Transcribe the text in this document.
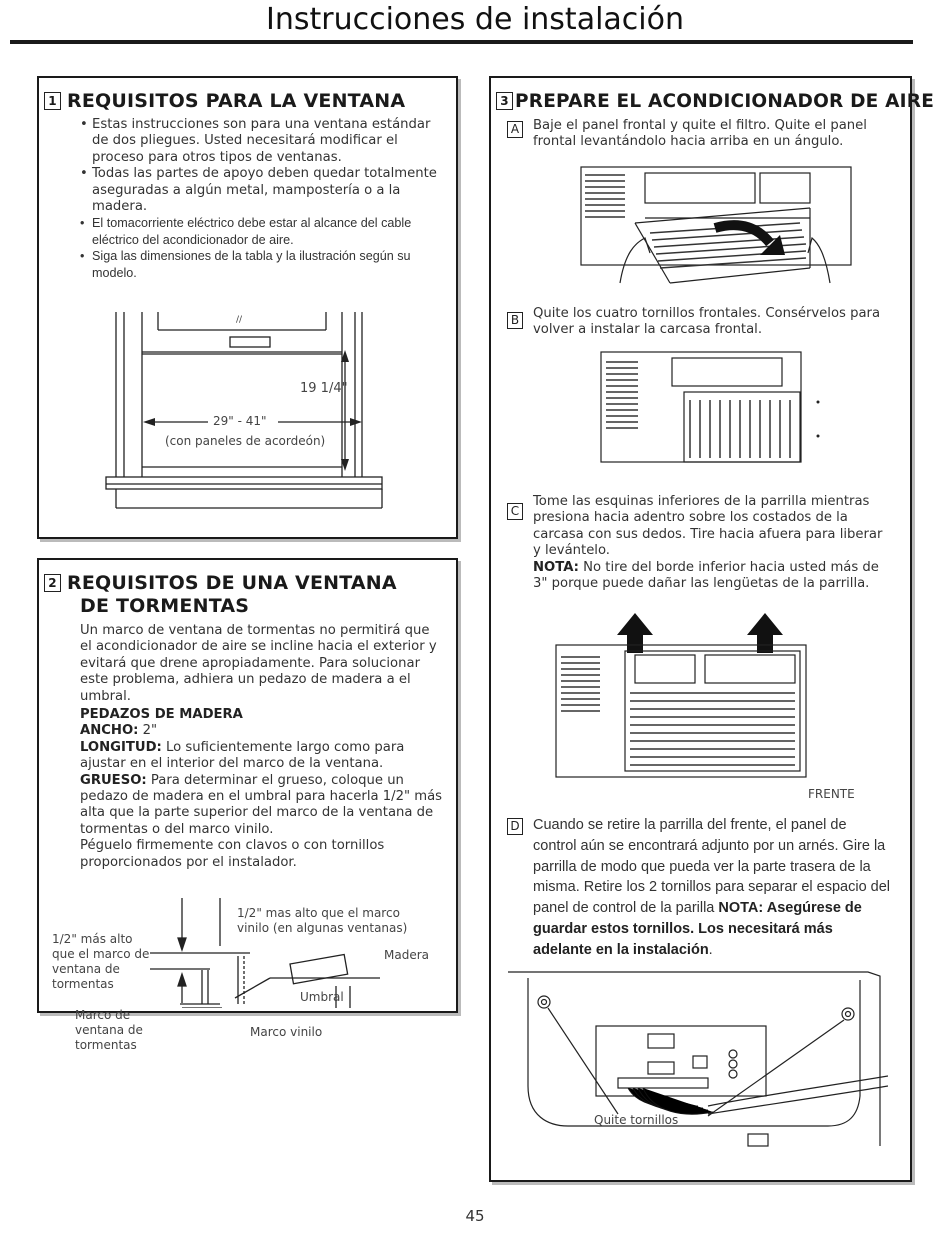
Instrucciones de instalación
1 REQUISITOS PARA LA VENTANA
• Estas instrucciones son para una ventana estándar de dos pliegues. Usted necesitará modificar el proceso para otros tipos de ventanas.
• Todas las partes de apoyo deben quedar totalmente aseguradas a algún metal, mampostería o a la madera.
• El tomacorriente eléctrico debe estar al alcance del cable eléctrico del acondicionador de aire.
• Siga las dimensiones de la tabla y la ilustración según su modelo.
//
19 1/4"
29" - 41"
(con paneles de acordeón)
2 REQUISITOS DE UNA VENTANA
DE TORMENTAS
Un marco de ventana de tormentas no permitirá que el acondicionador de aire se incline hacia el exterior y evitará que drene apropiadamente. Para solucionar este problema, adhiera un pedazo de madera a el umbral.
PEDAZOS DE MADERA
ANCHO: 2"
LONGITUD: Lo suficientemente largo como para ajustar en el interior del marco de la ventana.
GRUESO: Para determinar el grueso, coloque un pedazo de madera en el umbral para hacerla 1/2" más alta que la parte superior del marco de la ventana de tormentas o del marco vinilo.
Péguelo firmemente con clavos o con tornillos proporcionados por el instalador.
1/2" mas alto que el marco vinilo (en algunas ventanas)
1/2" más alto que el marco de ventana de tormentas
Madera
Umbral
Marco de ventana de tormentas
Marco vinilo
3 PREPARE EL ACONDICIONADOR DE AIRE
A Baje el panel frontal y quite el filtro. Quite el panel frontal levantándolo hacia arriba en un ángulo.
B Quite los cuatro tornillos frontales. Consérvelos para volver a instalar la carcasa frontal.
C
Tome las esquinas inferiores de la parrilla mientras presiona hacia adentro sobre los costados de la carcasa con sus dedos. Tire hacia afuera para liberar y levántelo.
NOTA: No tire del borde inferior hacia usted más de 3" porque puede dañar las lengüetas de la parrilla.
FRENTE
D Cuando se retire la parrilla del frente, el panel de control aún se encontrará adjunto por un arnés. Gire la parrilla de modo que pueda ver la parte trasera de la misma. Retire los 2 tornillos para separar el espacio del panel de control de la parilla NOTA: Asegúrese de guardar estos tornillos. Los necesitará más adelante en la instalación.
Quite tornillos
45
